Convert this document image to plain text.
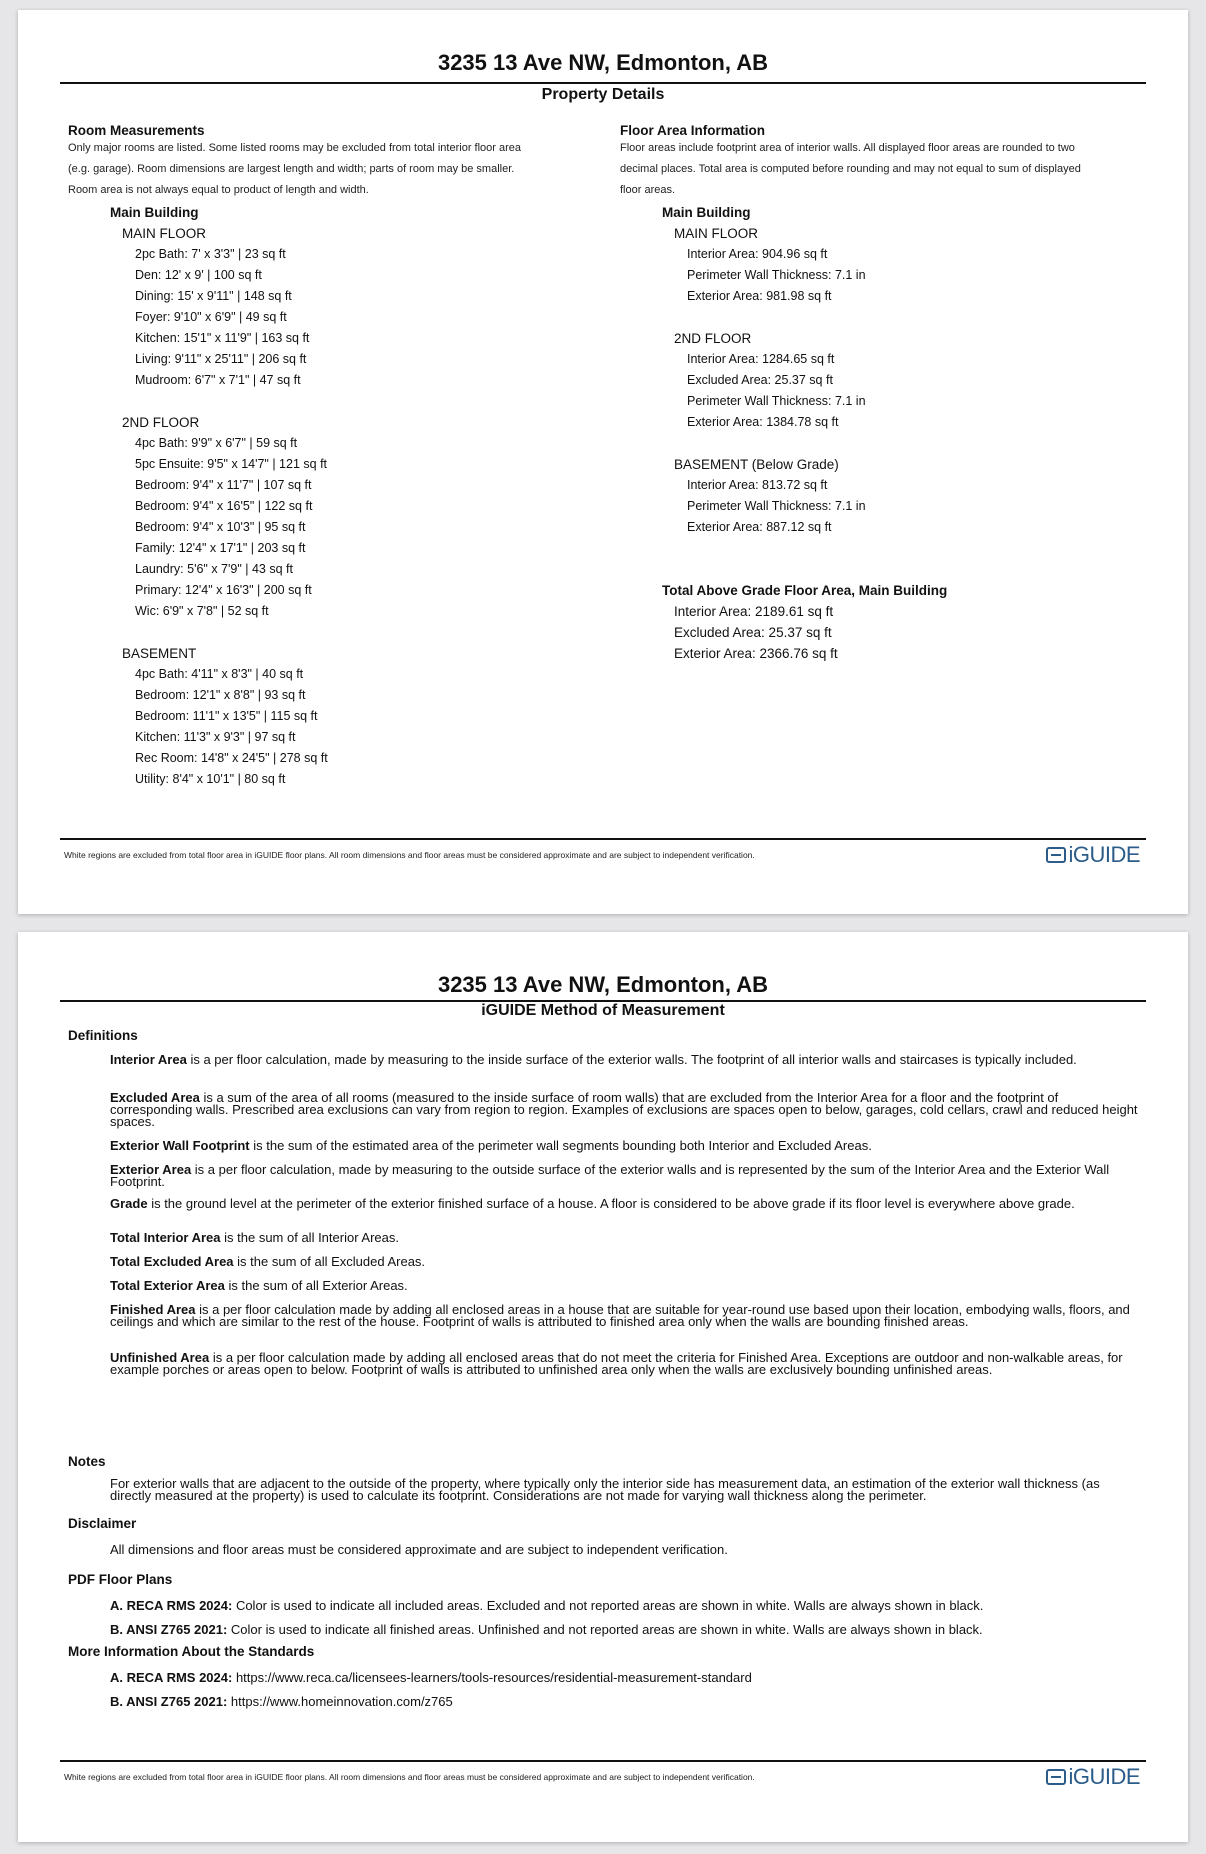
3235 13 Ave NW, Edmonton, AB
Property Details
Room Measurements
Only major rooms are listed. Some listed rooms may be excluded from total interior floor area
(e.g. garage). Room dimensions are largest length and width; parts of room may be smaller.
Room area is not always equal to product of length and width.
Floor Area Information
Floor areas include footprint area of interior walls. All displayed floor areas are rounded to two
decimal places. Total area is computed before rounding and may not equal to sum of displayed
floor areas.
Main Building
MAIN FLOOR
2pc Bath: 7' x 3'3" | 23 sq ft
Den: 12' x 9' | 100 sq ft
Dining: 15' x 9'11" | 148 sq ft
Foyer: 9'10" x 6'9" | 49 sq ft
Kitchen: 15'1" x 11'9" | 163 sq ft
Living: 9'11" x 25'11" | 206 sq ft
Mudroom: 6'7" x 7'1" | 47 sq ft
2ND FLOOR
4pc Bath: 9'9" x 6'7" | 59 sq ft
5pc Ensuite: 9'5" x 14'7" | 121 sq ft
Bedroom: 9'4" x 11'7" | 107 sq ft
Bedroom: 9'4" x 16'5" | 122 sq ft
Bedroom: 9'4" x 10'3" | 95 sq ft
Family: 12'4" x 17'1" | 203 sq ft
Laundry: 5'6" x 7'9" | 43 sq ft
Primary: 12'4" x 16'3" | 200 sq ft
Wic: 6'9" x 7'8" | 52 sq ft
BASEMENT
4pc Bath: 4'11" x 8'3" | 40 sq ft
Bedroom: 12'1" x 8'8" | 93 sq ft
Bedroom: 11'1" x 13'5" | 115 sq ft
Kitchen: 11'3" x 9'3" | 97 sq ft
Rec Room: 14'8" x 24'5" | 278 sq ft
Utility: 8'4" x 10'1" | 80 sq ft
Main Building
MAIN FLOOR
Interior Area: 904.96 sq ft
Perimeter Wall Thickness: 7.1 in
Exterior Area: 981.98 sq ft
2ND FLOOR
Interior Area: 1284.65 sq ft
Excluded Area: 25.37 sq ft
Perimeter Wall Thickness: 7.1 in
Exterior Area: 1384.78 sq ft
BASEMENT (Below Grade)
Interior Area: 813.72 sq ft
Perimeter Wall Thickness: 7.1 in
Exterior Area: 887.12 sq ft
Total Above Grade Floor Area, Main Building
Interior Area: 2189.61 sq ft
Excluded Area: 25.37 sq ft
Exterior Area: 2366.76 sq ft
White regions are excluded from total floor area in iGUIDE floor plans. All room dimensions and floor areas must be considered approximate and are subject to independent verification.	iGUIDE
3235 13 Ave NW, Edmonton, AB
iGUIDE Method of Measurement
Definitions
Interior Area is a per floor calculation, made by measuring to the inside surface of the exterior walls. The footprint of all interior walls and staircases is typically included.
Excluded Area is a sum of the area of all rooms (measured to the inside surface of room walls) that are excluded from the Interior Area for a floor and the footprint of corresponding walls. Prescribed area exclusions can vary from region to region. Examples of exclusions are spaces open to below, garages, cold cellars, crawl and reduced height spaces.
Exterior Wall Footprint is the sum of the estimated area of the perimeter wall segments bounding both Interior and Excluded Areas.
Exterior Area is a per floor calculation, made by measuring to the outside surface of the exterior walls and is represented by the sum of the Interior Area and the Exterior Wall Footprint.
Grade is the ground level at the perimeter of the exterior finished surface of a house. A floor is considered to be above grade if its floor level is everywhere above grade.
Total Interior Area is the sum of all Interior Areas.
Total Excluded Area is the sum of all Excluded Areas.
Total Exterior Area is the sum of all Exterior Areas.
Finished Area is a per floor calculation made by adding all enclosed areas in a house that are suitable for year-round use based upon their location, embodying walls, floors, and ceilings and which are similar to the rest of the house. Footprint of walls is attributed to finished area only when the walls are bounding finished areas.
Unfinished Area is a per floor calculation made by adding all enclosed areas that do not meet the criteria for Finished Area. Exceptions are outdoor and non-walkable areas, for example porches or areas open to below. Footprint of walls is attributed to unfinished area only when the walls are exclusively bounding unfinished areas.
Notes
For exterior walls that are adjacent to the outside of the property, where typically only the interior side has measurement data, an estimation of the exterior wall thickness (as directly measured at the property) is used to calculate its footprint. Considerations are not made for varying wall thickness along the perimeter.
Disclaimer
All dimensions and floor areas must be considered approximate and are subject to independent verification.
PDF Floor Plans
A. RECA RMS 2024: Color is used to indicate all included areas. Excluded and not reported areas are shown in white. Walls are always shown in black.
B. ANSI Z765 2021: Color is used to indicate all finished areas. Unfinished and not reported areas are shown in white. Walls are always shown in black.
More Information About the Standards
A. RECA RMS 2024: https://www.reca.ca/licensees-learners/tools-resources/residential-measurement-standard
B. ANSI Z765 2021: https://www.homeinnovation.com/z765
White regions are excluded from total floor area in iGUIDE floor plans. All room dimensions and floor areas must be considered approximate and are subject to independent verification.	iGUIDE
